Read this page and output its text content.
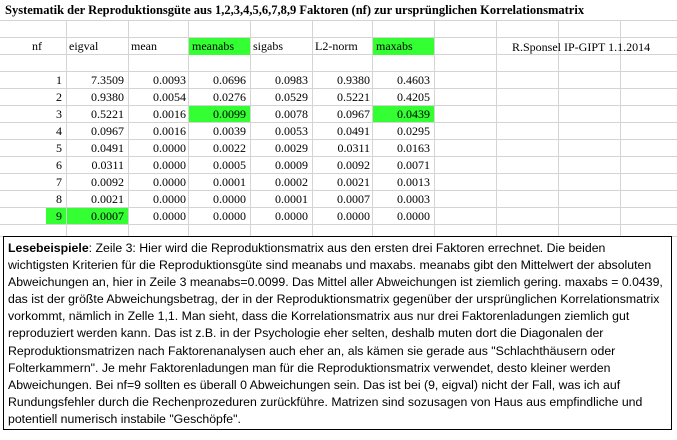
Systematik der Reproduktionsgüte aus 1,2,3,4,5,6,7,8,9 Faktoren (nf) zur ursprünglichen Korrelationsmatrix
nf	eigval	mean	meanabs	sigabs	L2-norm	maxabs
1	7.3509	0.0093	0.0696	0.0983	0.9380	0.4603
2	0.9380	0.0054	0.0276	0.0529	0.5221	0.4205
3	0.5221	0.0016	0.0099	0.0078	0.0967	0.0439
4	0.0967	0.0016	0.0039	0.0053	0.0491	0.0295
5	0.0491	0.0000	0.0022	0.0029	0.0311	0.0163
6	0.0311	0.0000	0.0005	0.0009	0.0092	0.0071
7	0.0092	0.0000	0.0001	0.0002	0.0021	0.0013
8	0.0021	0.0000	0.0000	0.0001	0.0007	0.0003
9	0.0007	0.0000	0.0000	0.0000	0.0000	0.0000
R.Sponsel IP-GIPT 1.1.2014
Lesebeispiele: Zeile 3: Hier wird die Reproduktionsmatrix aus den ersten drei Faktoren errechnet. Die beiden wichtigsten Kriterien für die Reproduktionsgüte sind meanabs und maxabs. meanabs gibt den Mittelwert der absoluten Abweichungen an, hier in Zeile 3 meanabs=0.0099. Das Mittel aller Abweichungen ist ziemlich gering. maxabs = 0.0439, das ist der größte Abweichungsbetrag, der in der Reproduktionsmatrix gegenüber der ursprünglichen Korrelationsmatrix vorkommt, nämlich in Zelle 1,1. Man sieht, dass die Korrelationsmatrix aus nur drei Faktorenladungen ziemlich gut reproduziert werden kann. Das ist z.B. in der Psychologie eher selten, deshalb muten dort die Diagonalen der Reproduktionsmatrizen nach Faktorenanalysen auch eher an, als kämen sie gerade aus "Schlachthäusern oder Folterkammern". Je mehr Faktorenladungen man für die Reproduktionsmatrix verwendet, desto kleiner werden Abweichungen. Bei nf=9 sollten es überall 0 Abweichungen sein. Das ist bei (9, eigval) nicht der Fall, was ich auf Rundungsfehler durch die Rechenprozeduren zurückführe. Matrizen sind sozusagen von Haus aus empfindliche und potentiell numerisch instabile "Geschöpfe".
